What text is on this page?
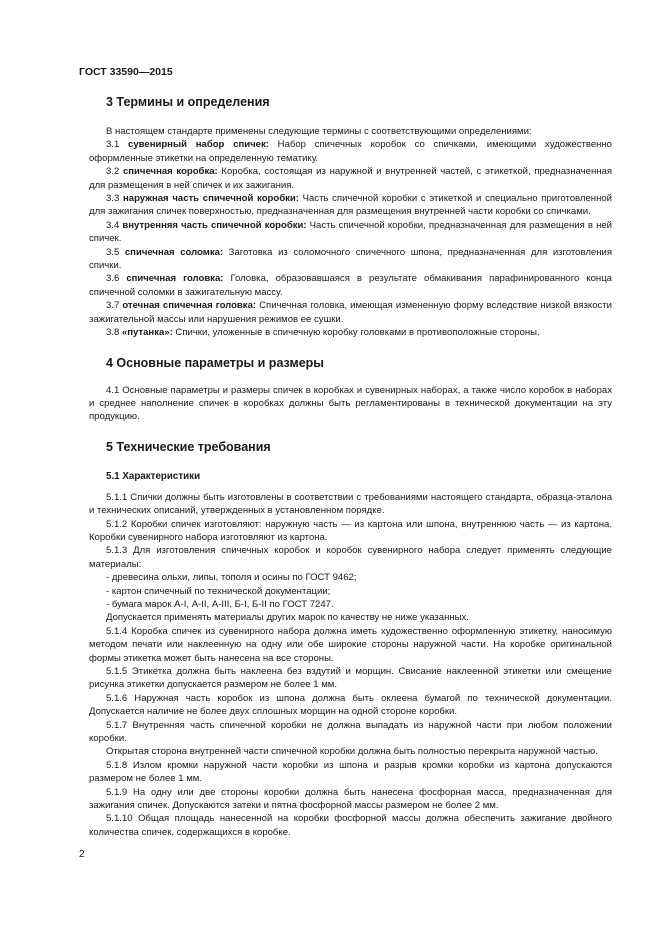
ГОСТ 33590—2015
3 Термины и определения

В настоящем стандарте применены следующие термины с соответствующими определениями:

3.1 сувенирный набор спичек: Набор спичечных коробок со спичками, имеющими художественно оформленные этикетки на определенную тематику.

3.2 спичечная коробка: Коробка, состоящая из наружной и внутренней частей, с этикеткой, предназначенная для размещения в ней спичек и их зажигания.

3.3 наружная часть спичечной коробки: Часть спичечной коробки с этикеткой и специально приготовленной для зажигания спичек поверхностью, предназначенная для размещения внутренней части коробки со спичками.

3.4 внутренняя часть спичечной коробки: Часть спичечной коробки, предназначенная для размещения в ней спичек.

3.5 спичечная соломка: Заготовка из соломочного спичечного шпона, предназначенная для изготовления спички.

3.6 спичечная головка: Головка, образовавшаяся в результате обмакивания парафинированного конца спичечной соломки в зажигательную массу.

3.7 отечная спичечная головка: Спичечная головка, имеющая измененную форму вследствие низкой вязкости зажигательной массы или нарушения режимов ее сушки.

3.8 «путанка»: Спички, уложенные в спичечную коробку головками в противоположные стороны.

4 Основные параметры и размеры

4.1 Основные параметры и размеры спичек в коробках и сувенирных наборах, а также число коробок в наборах и среднее наполнение спичек в коробках должны быть регламентированы в технической документации на эту продукцию.

5 Технические требования
5.1 Характеристики

5.1.1 Спички должны быть изготовлены в соответствии с требованиями настоящего стандарта, образца-эталона и технических описаний, утвержденных в установленном порядке.

5.1.2 Коробки спичек изготовляют: наружную часть — из картона или шпона, внутреннюю часть — из картона. Коробки сувенирного набора изготовляют из картона.

5.1.3 Для изготовления спичечных коробок и коробок сувенирного набора следует применять следующие материалы:

- древесина ольхи, липы, тополя и осины по ГОСТ 9462;

- картон спичечный по технической документации;

- бумага марок А-I, А-II, А-III, Б-I, Б-II по ГОСТ 7247.

Допускается применять материалы других марок по качеству не ниже указанных.

5.1.4 Коробка спичек из сувенирного набора должна иметь художественно оформленную этикетку, наносимую методом печати или наклеенную на одну или обе широкие стороны наружной части. На коробке оригинальной формы этикетка может быть нанесена на все стороны.

5.1.5 Этикетка должна быть наклеена без вздутий и морщин. Свисание наклеенной этикетки или смещение рисунка этикетки допускается размером не более 1 мм.

5.1.6 Наружная часть коробок из шпона должна быть оклеена бумагой по технической документации. Допускается наличие не более двух сплошных морщин на одной стороне коробки.

5.1.7 Внутренняя часть спичечной коробки не должна выпадать из наружной части при любом положении коробки.

Открытая сторона внутренней части спичечной коробки должна быть полностью перекрыта наружной частью.

5.1.8 Излом кромки наружной части коробки из шпона и разрыв кромки коробки из картона допускаются размером не более 1 мм.

5.1.9 На одну или две стороны коробки должна быть нанесена фосфорная масса, предназначенная для зажигания спичек. Допускаются затеки и пятна фосфорной массы размером не более 2 мм.

5.1.10 Общая площадь нанесенной на коробки фосфорной массы должна обеспечить зажигание двойного количества спичек, содержащихся в коробке.

2
